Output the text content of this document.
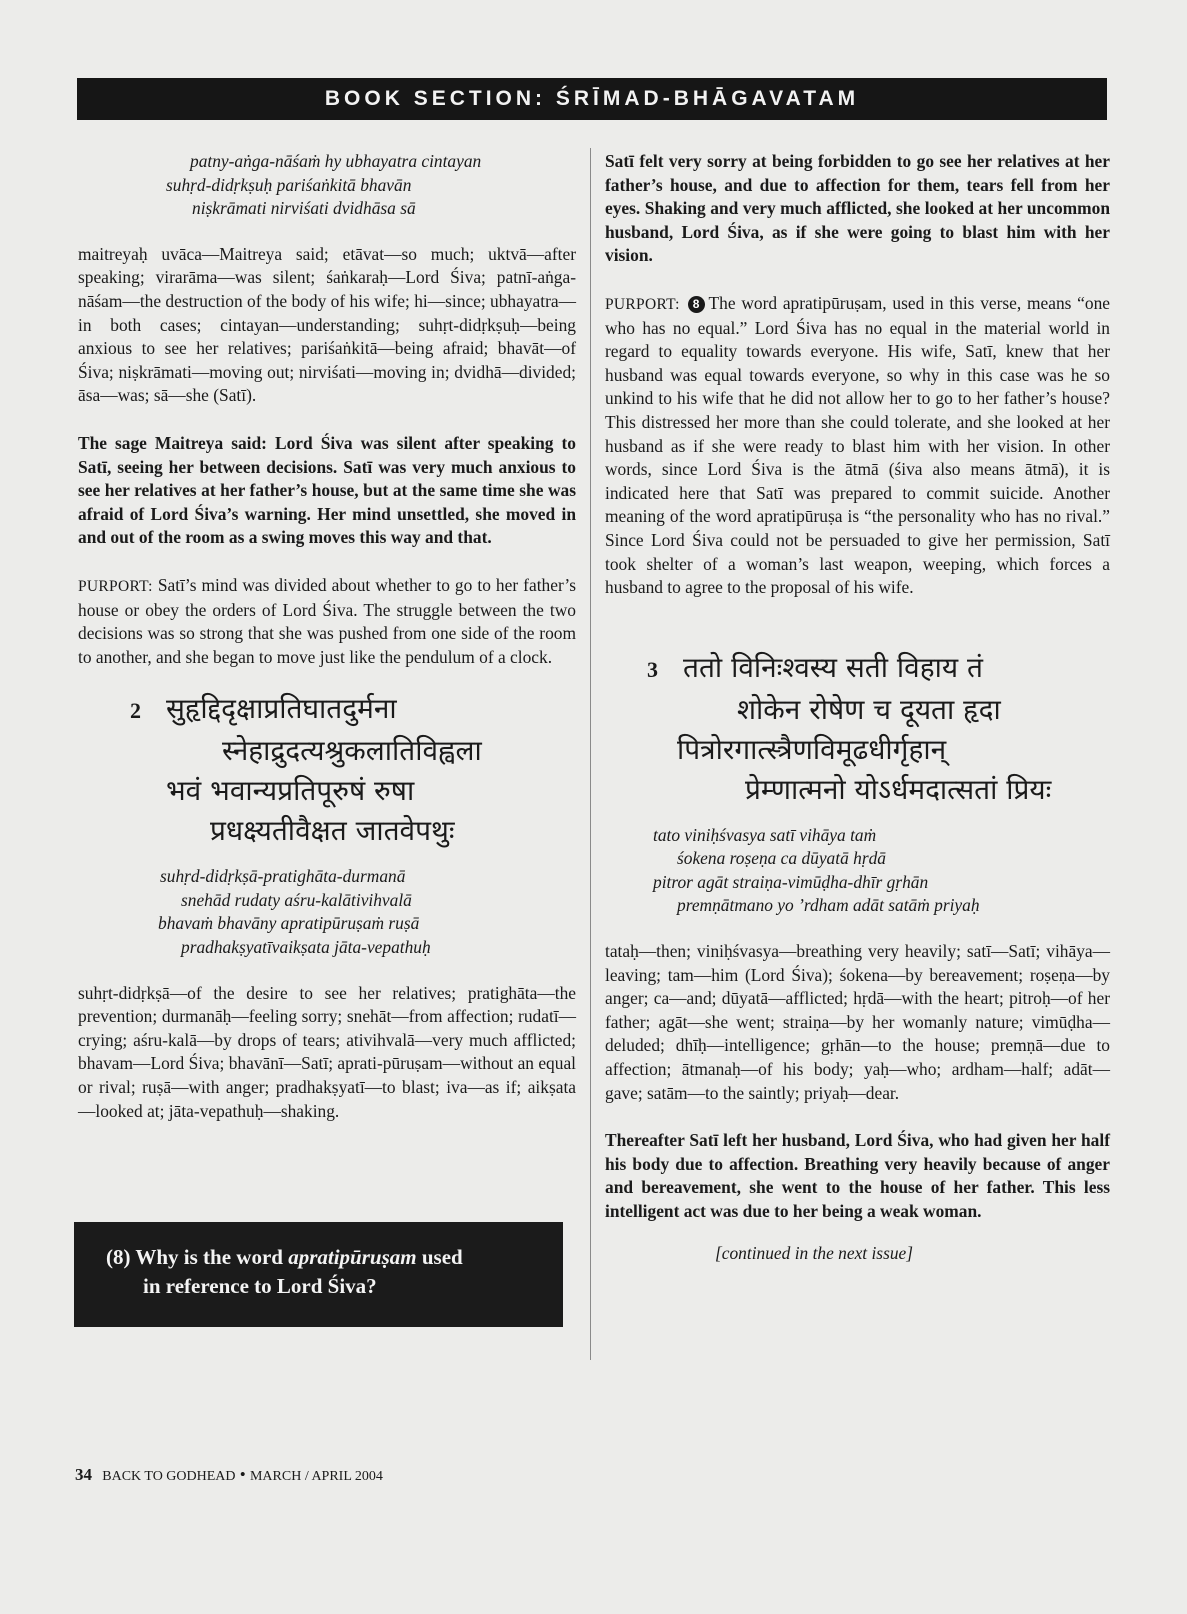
BOOK SECTION: ŚRĪMAD-BHĀGAVATAM
patny-aṅga-nāśaṁ hy ubhayatra cintayan
suhṛd-didṛkṣuḥ pariśaṅkitā bhavān
niṣkrāmati nirviśati dvidhāsa sā

maitreyaḥ uvāca—Maitreya said; etāvat—so much; uktvā—after speaking; virarāma—was silent; śaṅkaraḥ—Lord Śiva; patnī-aṅga-nāśam—the destruction of the body of his wife; hi—since; ubhayatra—in both cases; cintayan—understanding; suhṛt-didṛkṣuḥ—being anxious to see her relatives; pariśaṅkitā—being afraid; bhavāt—of Śiva; niṣkrāmati—moving out; nirviśati—moving in; dvidhā—divided; āsa—was; sā—she (Satī).

The sage Maitreya said: Lord Śiva was silent after speaking to Satī, seeing her between decisions. Satī was very much anxious to see her relatives at her father’s house, but at the same time she was afraid of Lord Śiva’s warning. Her mind unsettled, she moved in and out of the room as a swing moves this way and that.

PURPORT: Satī’s mind was divided about whether to go to her father’s house or obey the orders of Lord Śiva. The struggle between the two decisions was so strong that she was pushed from one side of the room to another, and she began to move just like the pendulum of a clock.

2 सुहृद्दिदृक्षाप्रतिघातदुर्मना
स्नेहाद्रुदत्यश्रुकलातिविह्वला
भवं भवान्यप्रतिपूरुषं रुषा
प्रधक्ष्यतीवैक्षत जातवेपथुः
suhṛd-didṛkṣā-pratighāta-durmanā
snehād rudaty aśru-kalātivihvalā
bhavaṁ bhavāny apratipūruṣaṁ ruṣā
pradhakṣyatīvaikṣata jāta-vepathuḥ

suhṛt-didṛkṣā—of the desire to see her relatives; pratighāta—the prevention; durmanāḥ—feeling sorry; snehāt—from affection; rudatī—crying; aśru-kalā—by drops of tears; ativihvalā—very much afflicted; bhavam—Lord Śiva; bhavānī—Satī; aprati-pūruṣam—without an equal or rival; ruṣā—with anger; pradhakṣyatī—to blast; iva—as if; aikṣata—looked at; jāta-vepathuḥ—shaking.

(8) Why is the word apratipūruṣam used
in reference to Lord Śiva?

Satī felt very sorry at being forbidden to go see her relatives at her father’s house, and due to affection for them, tears fell from her eyes. Shaking and very much afflicted, she looked at her uncommon husband, Lord Śiva, as if she were going to blast him with her vision.

PURPORT: 8 The word apratipūruṣam, used in this verse, means “one who has no equal.” Lord Śiva has no equal in the material world in regard to equality towards everyone. His wife, Satī, knew that her husband was equal towards everyone, so why in this case was he so unkind to his wife that he did not allow her to go to her father’s house? This distressed her more than she could tolerate, and she looked at her husband as if she were ready to blast him with her vision. In other words, since Lord Śiva is the ātmā (śiva also means ātmā), it is indicated here that Satī was prepared to commit suicide. Another meaning of the word apratipūruṣa is “the personality who has no rival.” Since Lord Śiva could not be persuaded to give her permission, Satī took shelter of a woman’s last weapon, weeping, which forces a husband to agree to the proposal of his wife.

3 ततो विनिःश्वस्य सती विहाय तं
शोकेन रोषेण च दूयता हृदा
पित्रोरगात्स्त्रैणविमूढधीर्गृहान्
प्रेम्णात्मनो योऽर्धमदात्सतां प्रियः
tato viniḥśvasya satī vihāya taṁ
śokena roṣeṇa ca dūyatā hṛdā
pitror agāt straiṇa-vimūḍha-dhīr gṛhān
premṇātmano yo ’rdham adāt satāṁ priyaḥ

tataḥ—then; viniḥśvasya—breathing very heavily; satī—Satī; vihāya—leaving; tam—him (Lord Śiva); śokena—by bereavement; roṣeṇa—by anger; ca—and; dūyatā—afflicted; hṛdā—with the heart; pitroḥ—of her father; agāt—she went; straiṇa—by her womanly nature; vimūḍha—deluded; dhīḥ—intelligence; gṛhān—to the house; premṇā—due to affection; ātmanaḥ—of his body; yaḥ—who; ardham—half; adāt—gave; satām—to the saintly; priyaḥ—dear.

Thereafter Satī left her husband, Lord Śiva, who had given her half his body due to affection. Breathing very heavily because of anger and bereavement, she went to the house of her father. This less intelligent act was due to her being a weak woman.

[continued in the next issue]
34 BACK TO GODHEAD • MARCH / APRIL 2004
